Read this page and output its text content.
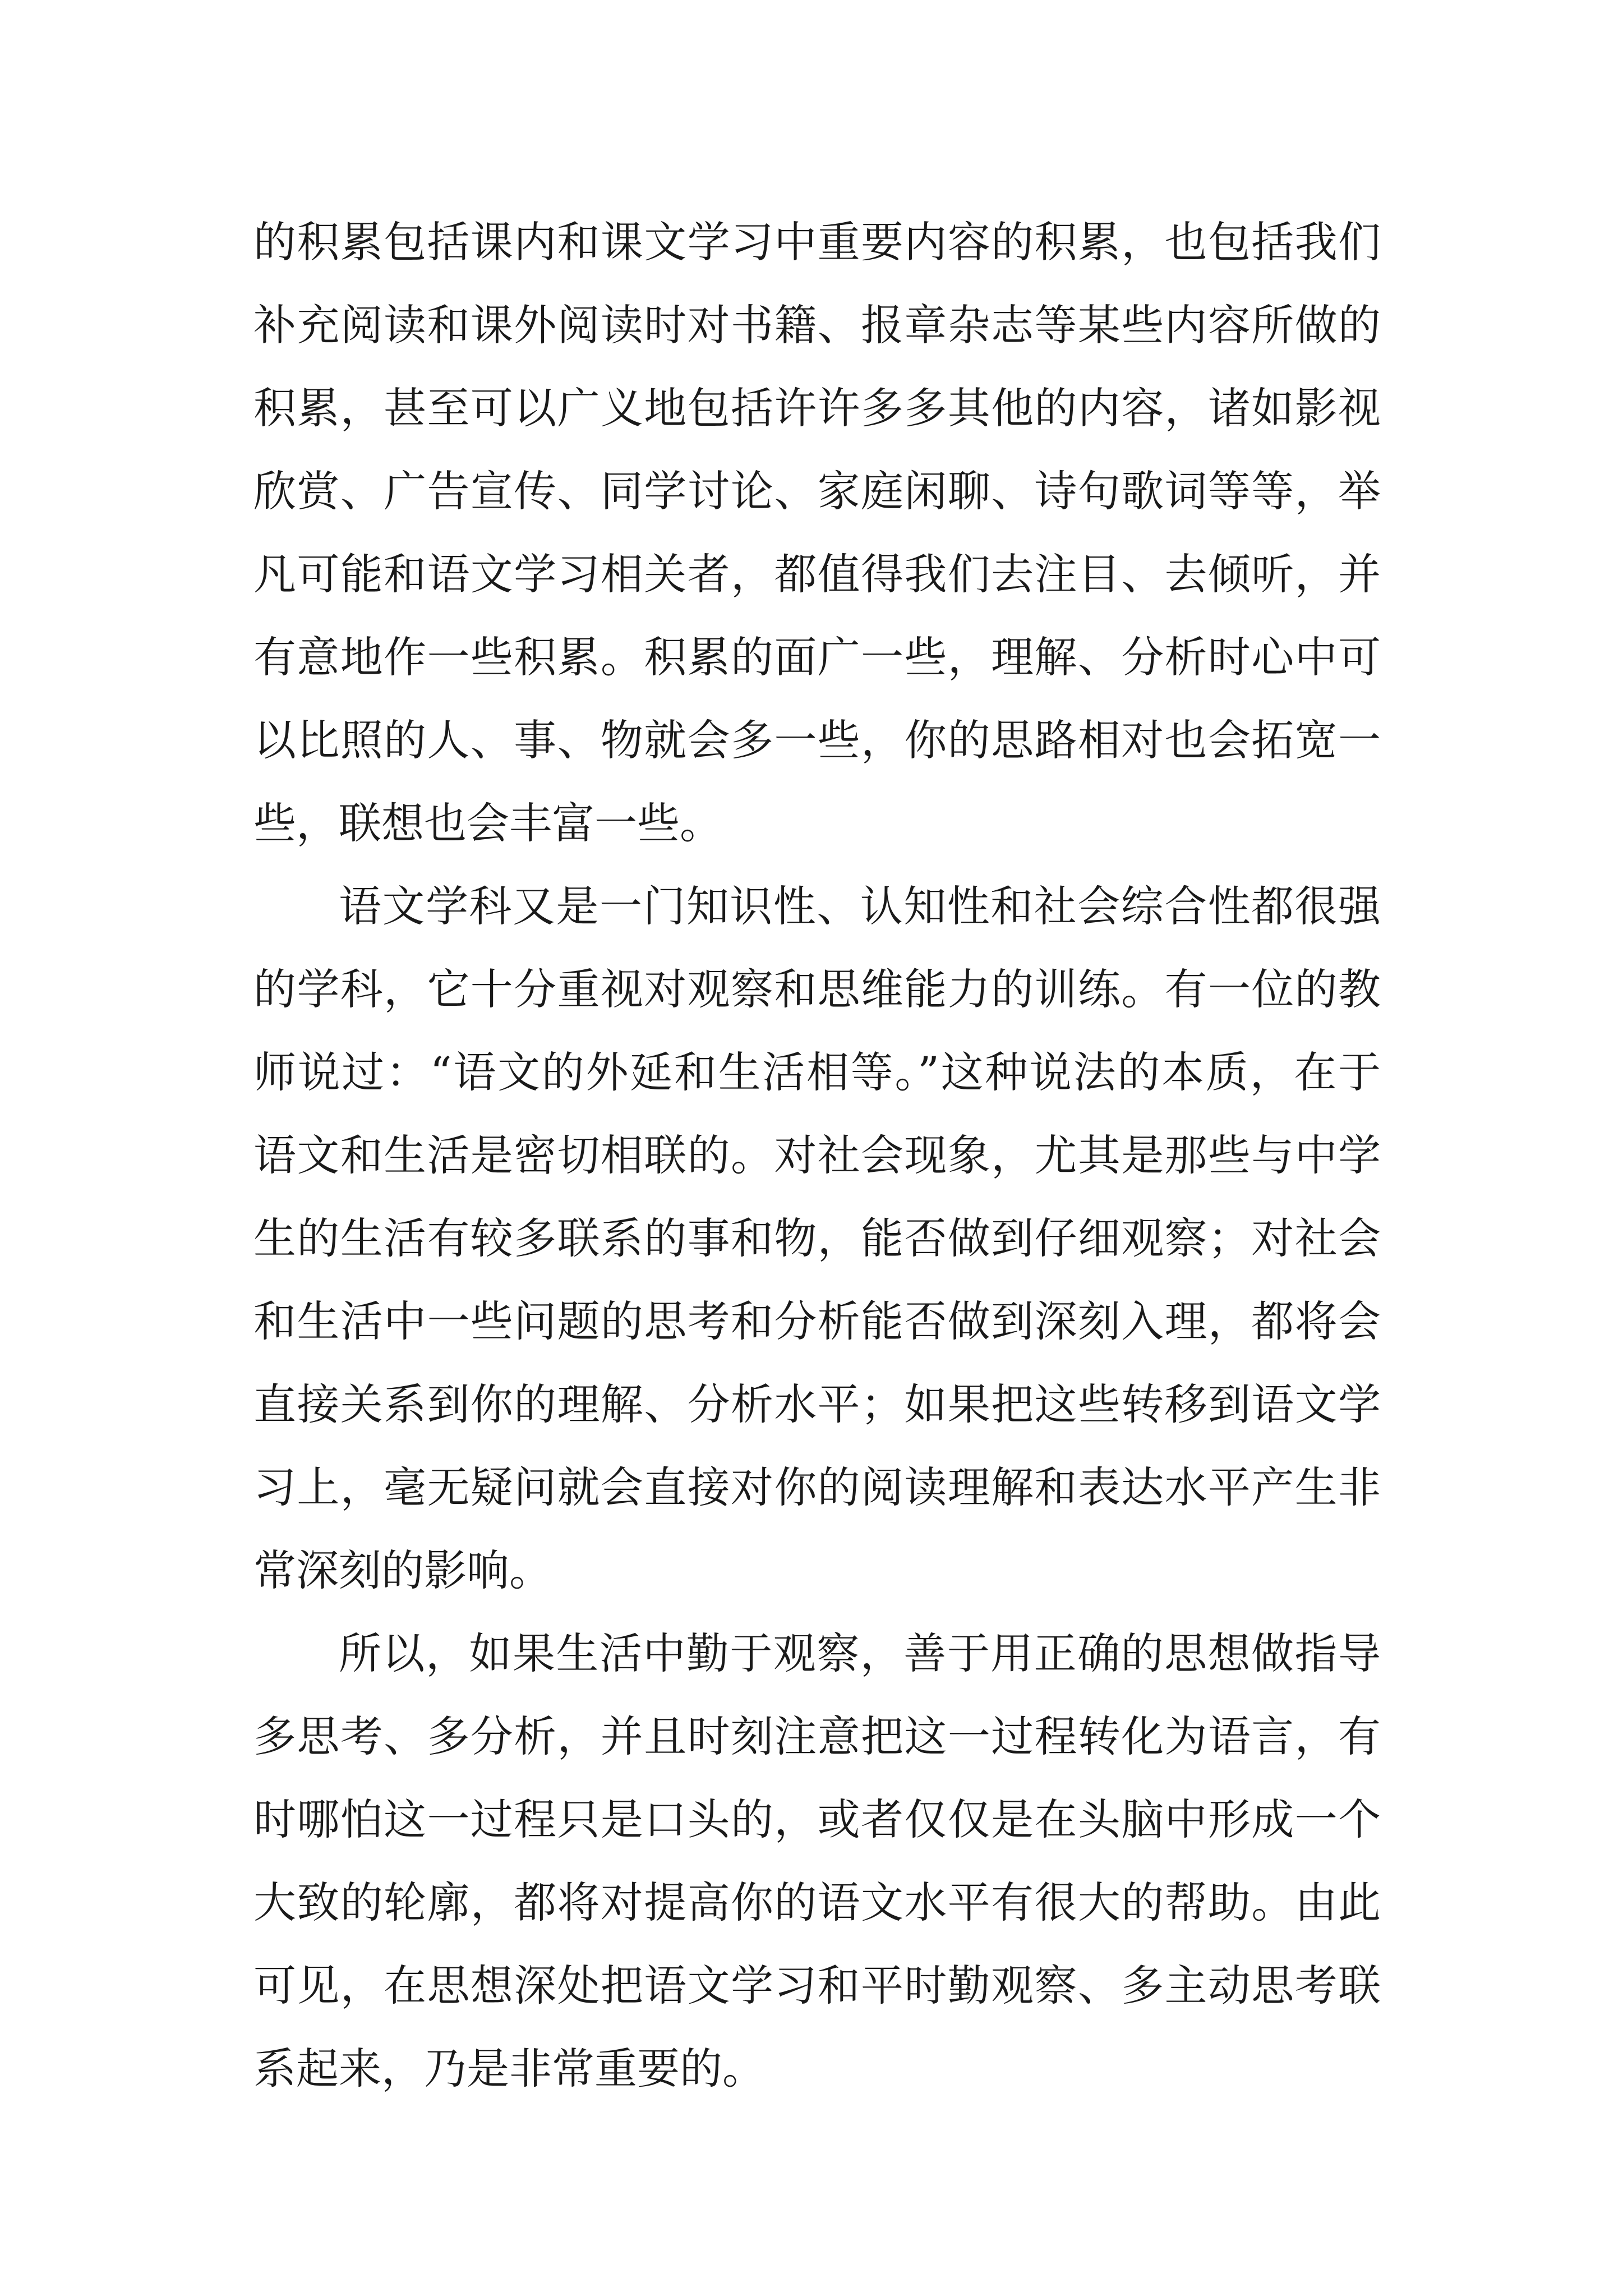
的积累包括课内和课文学习中重要内容的积累，也包括我们
补充阅读和课外阅读时对书籍、报章杂志等某些内容所做的
积累，甚至可以广义地包括许许多多其他的内容，诸如影视
欣赏、广告宣传、同学讨论、家庭闲聊、诗句歌词等等，举
凡可能和语文学习相关者，都值得我们去注目、去倾听，并
有意地作一些积累。积累的面广一些，理解、分析时心中可
以比照的人、事、物就会多一些，你的思路相对也会拓宽一
些，联想也会丰富一些。
语文学科又是一门知识性、认知性和社会综合性都很强
的学科，它十分重视对观察和思维能力的训练。有一位的教
师说过：“语文的外延和生活相等。”这种说法的本质，在于
语文和生活是密切相联的。对社会现象，尤其是那些与中学
生的生活有较多联系的事和物，能否做到仔细观察；对社会
和生活中一些问题的思考和分析能否做到深刻入理，都将会
直接关系到你的理解、分析水平；如果把这些转移到语文学
习上，毫无疑问就会直接对你的阅读理解和表达水平产生非
常深刻的影响。
所以，如果生活中勤于观察，善于用正确的思想做指导
多思考、多分析，并且时刻注意把这一过程转化为语言，有
时哪怕这一过程只是口头的，或者仅仅是在头脑中形成一个
大致的轮廓，都将对提高你的语文水平有很大的帮助。由此
可见，在思想深处把语文学习和平时勤观察、多主动思考联
系起来，乃是非常重要的。
